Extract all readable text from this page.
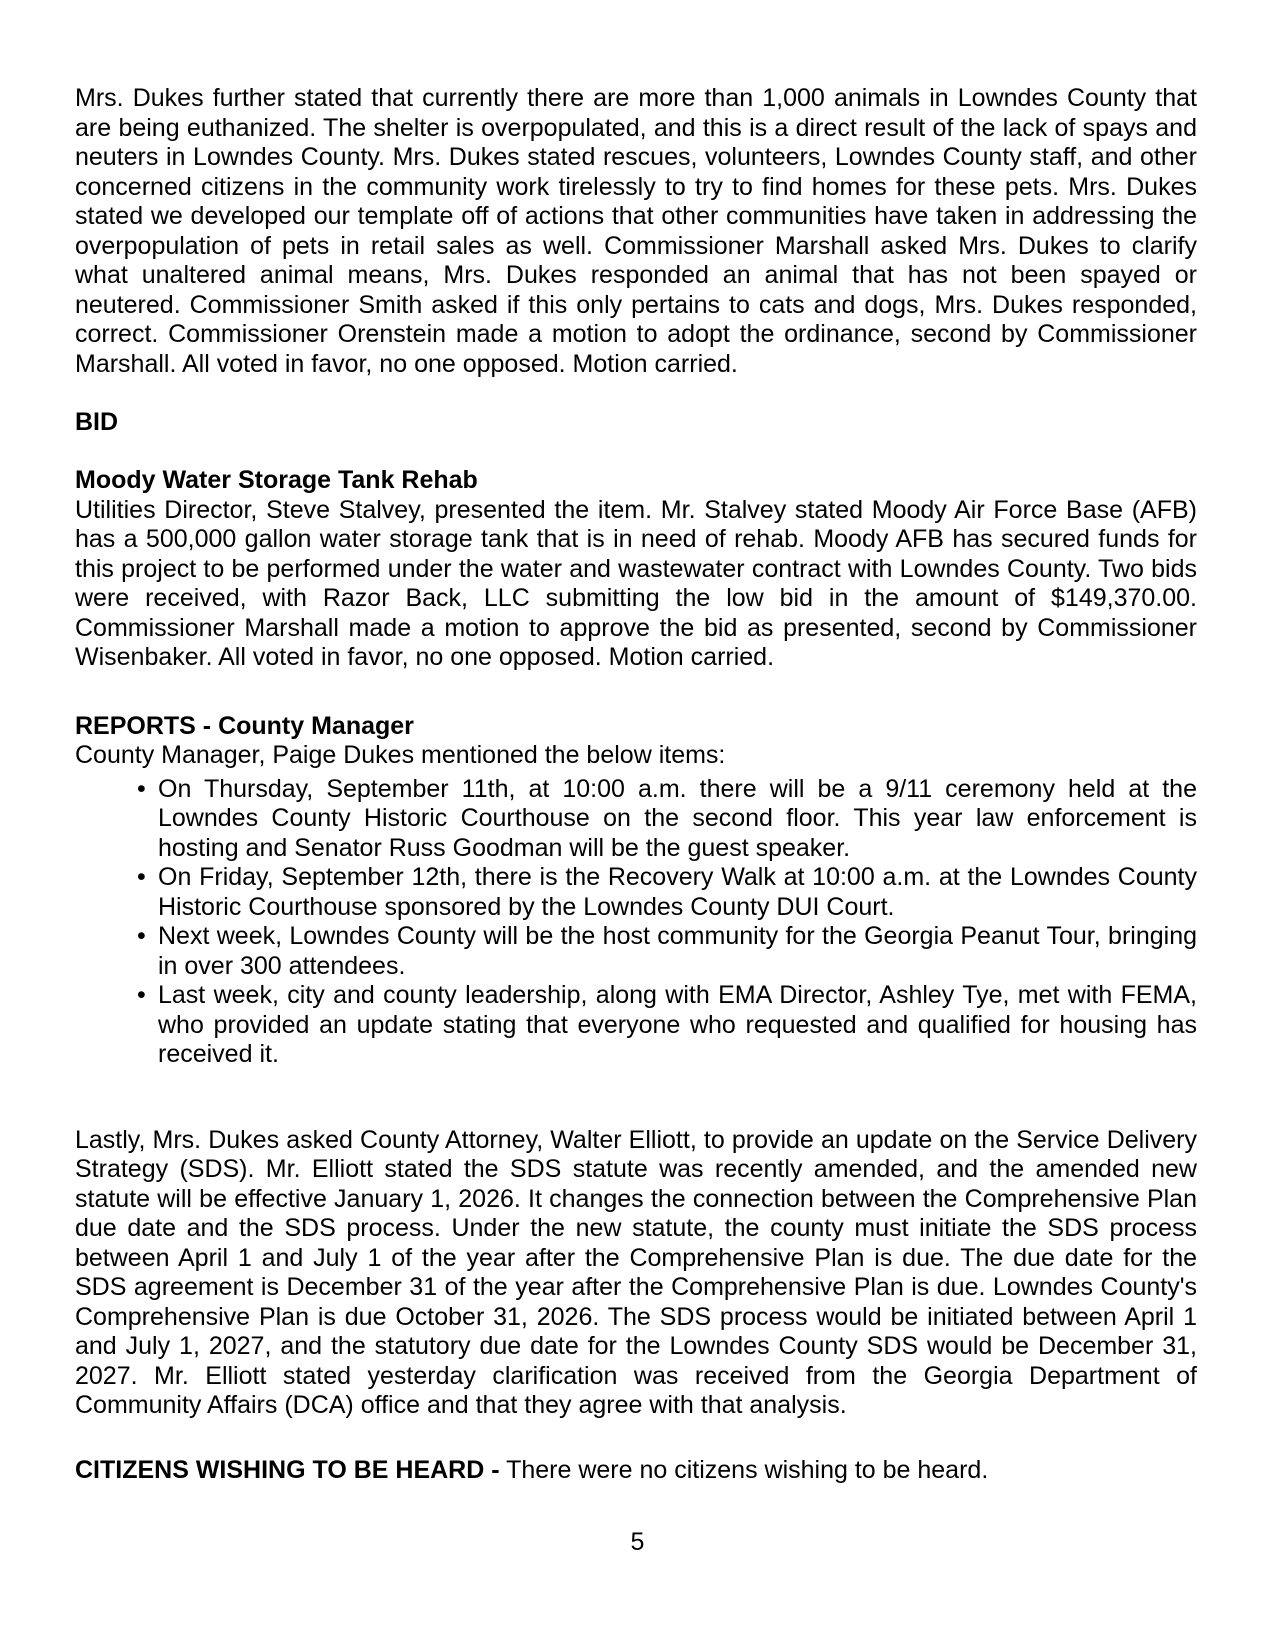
Mrs. Dukes further stated that currently there are more than 1,000 animals in Lowndes County that are being euthanized. The shelter is overpopulated, and this is a direct result of the lack of spays and neuters in Lowndes County. Mrs. Dukes stated rescues, volunteers, Lowndes County staff, and other concerned citizens in the community work tirelessly to try to find homes for these pets. Mrs. Dukes stated we developed our template off of actions that other communities have taken in addressing the overpopulation of pets in retail sales as well. Commissioner Marshall asked Mrs. Dukes to clarify what unaltered animal means, Mrs. Dukes responded an animal that has not been spayed or neutered. Commissioner Smith asked if this only pertains to cats and dogs, Mrs. Dukes responded, correct. Commissioner Orenstein made a motion to adopt the ordinance, second by Commissioner Marshall. All voted in favor, no one opposed. Motion carried.

BID
Moody Water Storage Tank Rehab

Utilities Director, Steve Stalvey, presented the item. Mr. Stalvey stated Moody Air Force Base (AFB) has a 500,000 gallon water storage tank that is in need of rehab. Moody AFB has secured funds for this project to be performed under the water and wastewater contract with Lowndes County. Two bids were received, with Razor Back, LLC submitting the low bid in the amount of $149,370.00. Commissioner Marshall made a motion to approve the bid as presented, second by Commissioner Wisenbaker. All voted in favor, no one opposed. Motion carried.

REPORTS - County Manager

County Manager, Paige Dukes mentioned the below items:

• On Thursday, September 11th, at 10:00 a.m. there will be a 9/11 ceremony held at the Lowndes County Historic Courthouse on the second floor. This year law enforcement is hosting and Senator Russ Goodman will be the guest speaker.
• On Friday, September 12th, there is the Recovery Walk at 10:00 a.m. at the Lowndes County Historic Courthouse sponsored by the Lowndes County DUI Court.
• Next week, Lowndes County will be the host community for the Georgia Peanut Tour, bringing in over 300 attendees.
• Last week, city and county leadership, along with EMA Director, Ashley Tye, met with FEMA, who provided an update stating that everyone who requested and qualified for housing has received it.

Lastly, Mrs. Dukes asked County Attorney, Walter Elliott, to provide an update on the Service Delivery Strategy (SDS). Mr. Elliott stated the SDS statute was recently amended, and the amended new statute will be effective January 1, 2026. It changes the connection between the Comprehensive Plan due date and the SDS process. Under the new statute, the county must initiate the SDS process between April 1 and July 1 of the year after the Comprehensive Plan is due. The due date for the SDS agreement is December 31 of the year after the Comprehensive Plan is due. Lowndes County's Comprehensive Plan is due October 31, 2026. The SDS process would be initiated between April 1 and July 1, 2027, and the statutory due date for the Lowndes County SDS would be December 31, 2027. Mr. Elliott stated yesterday clarification was received from the Georgia Department of Community Affairs (DCA) office and that they agree with that analysis.

CITIZENS WISHING TO BE HEARD - There were no citizens wishing to be heard.

5
